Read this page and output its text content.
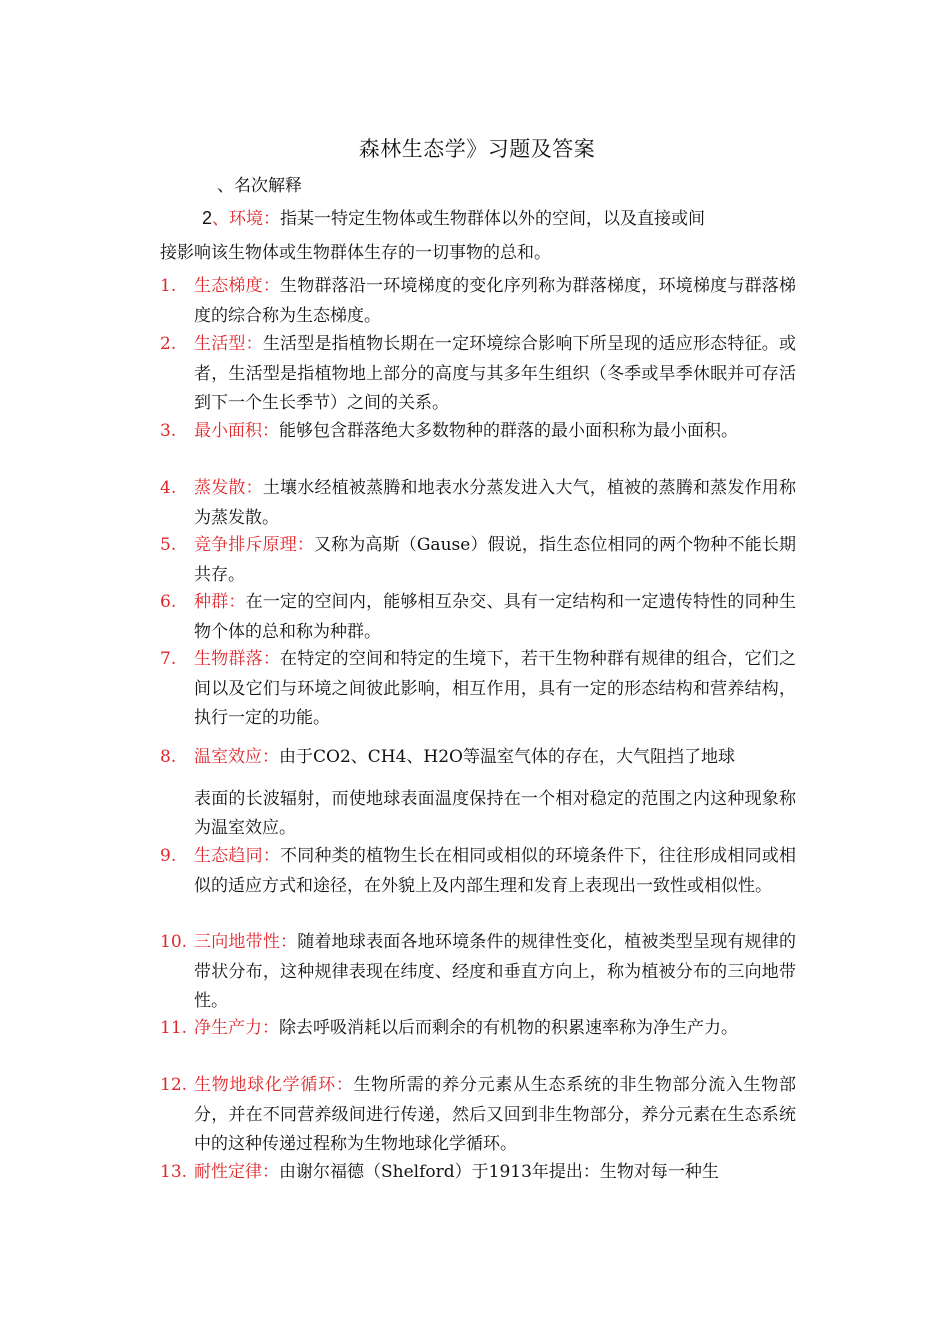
森林生态学》习题及答案
、名次解释
2、环境：指某一特定生物体或生物群体以外的空间，以及直接或间
接影响该生物体或生物群体生存的一切事物的总和。
1.	生态梯度：生物群落沿一环境梯度的变化序列称为群落梯度，环境梯度与群落梯度的综合称为生态梯度。
2.	生活型：生活型是指植物长期在一定环境综合影响下所呈现的适应形态特征。或者，生活型是指植物地上部分的高度与其多年生组织（冬季或旱季休眠并可存活到下一个生长季节）之间的关系。
3.	最小面积：能够包含群落绝大多数物种的群落的最小面积称为最小面积。
4.	蒸发散：土壤水经植被蒸腾和地表水分蒸发进入大气，植被的蒸腾和蒸发作用称为蒸发散。
5.	竞争排斥原理：又称为高斯（Gause）假说，指生态位相同的两个物种不能长期共存。
6.	种群：在一定的空间内，能够相互杂交、具有一定结构和一定遗传特性的同种生物个体的总和称为种群。
7.	生物群落：在特定的空间和特定的生境下，若干生物种群有规律的组合，它们之间以及它们与环境之间彼此影响，相互作用，具有一定的形态结构和营养结构，执行一定的功能。
8.	温室效应：由于CO2、CH4、H2O等温室气体的存在，大气阻挡了地球
表面的长波辐射，而使地球表面温度保持在一个相对稳定的范围之内这种现象称为温室效应。
9.	生态趋同：不同种类的植物生长在相同或相似的环境条件下，往往形成相同或相似的适应方式和途径，在外貌上及内部生理和发育上表现出一致性或相似性。
10. 三向地带性：随着地球表面各地环境条件的规律性变化，植被类型呈现有规律的带状分布，这种规律表现在纬度、经度和垂直方向上，称为植被分布的三向地带性。
11. 净生产力：除去呼吸消耗以后而剩余的有机物的积累速率称为净生产力。
12. 生物地球化学循环：生物所需的养分元素从生态系统的非生物部分流入生物部分，并在不同营养级间进行传递，然后又回到非生物部分，养分元素在生态系统中的这种传递过程称为生物地球化学循环。
13. 耐性定律：由谢尔福德（Shelford）于1913年提出：生物对每一种生
